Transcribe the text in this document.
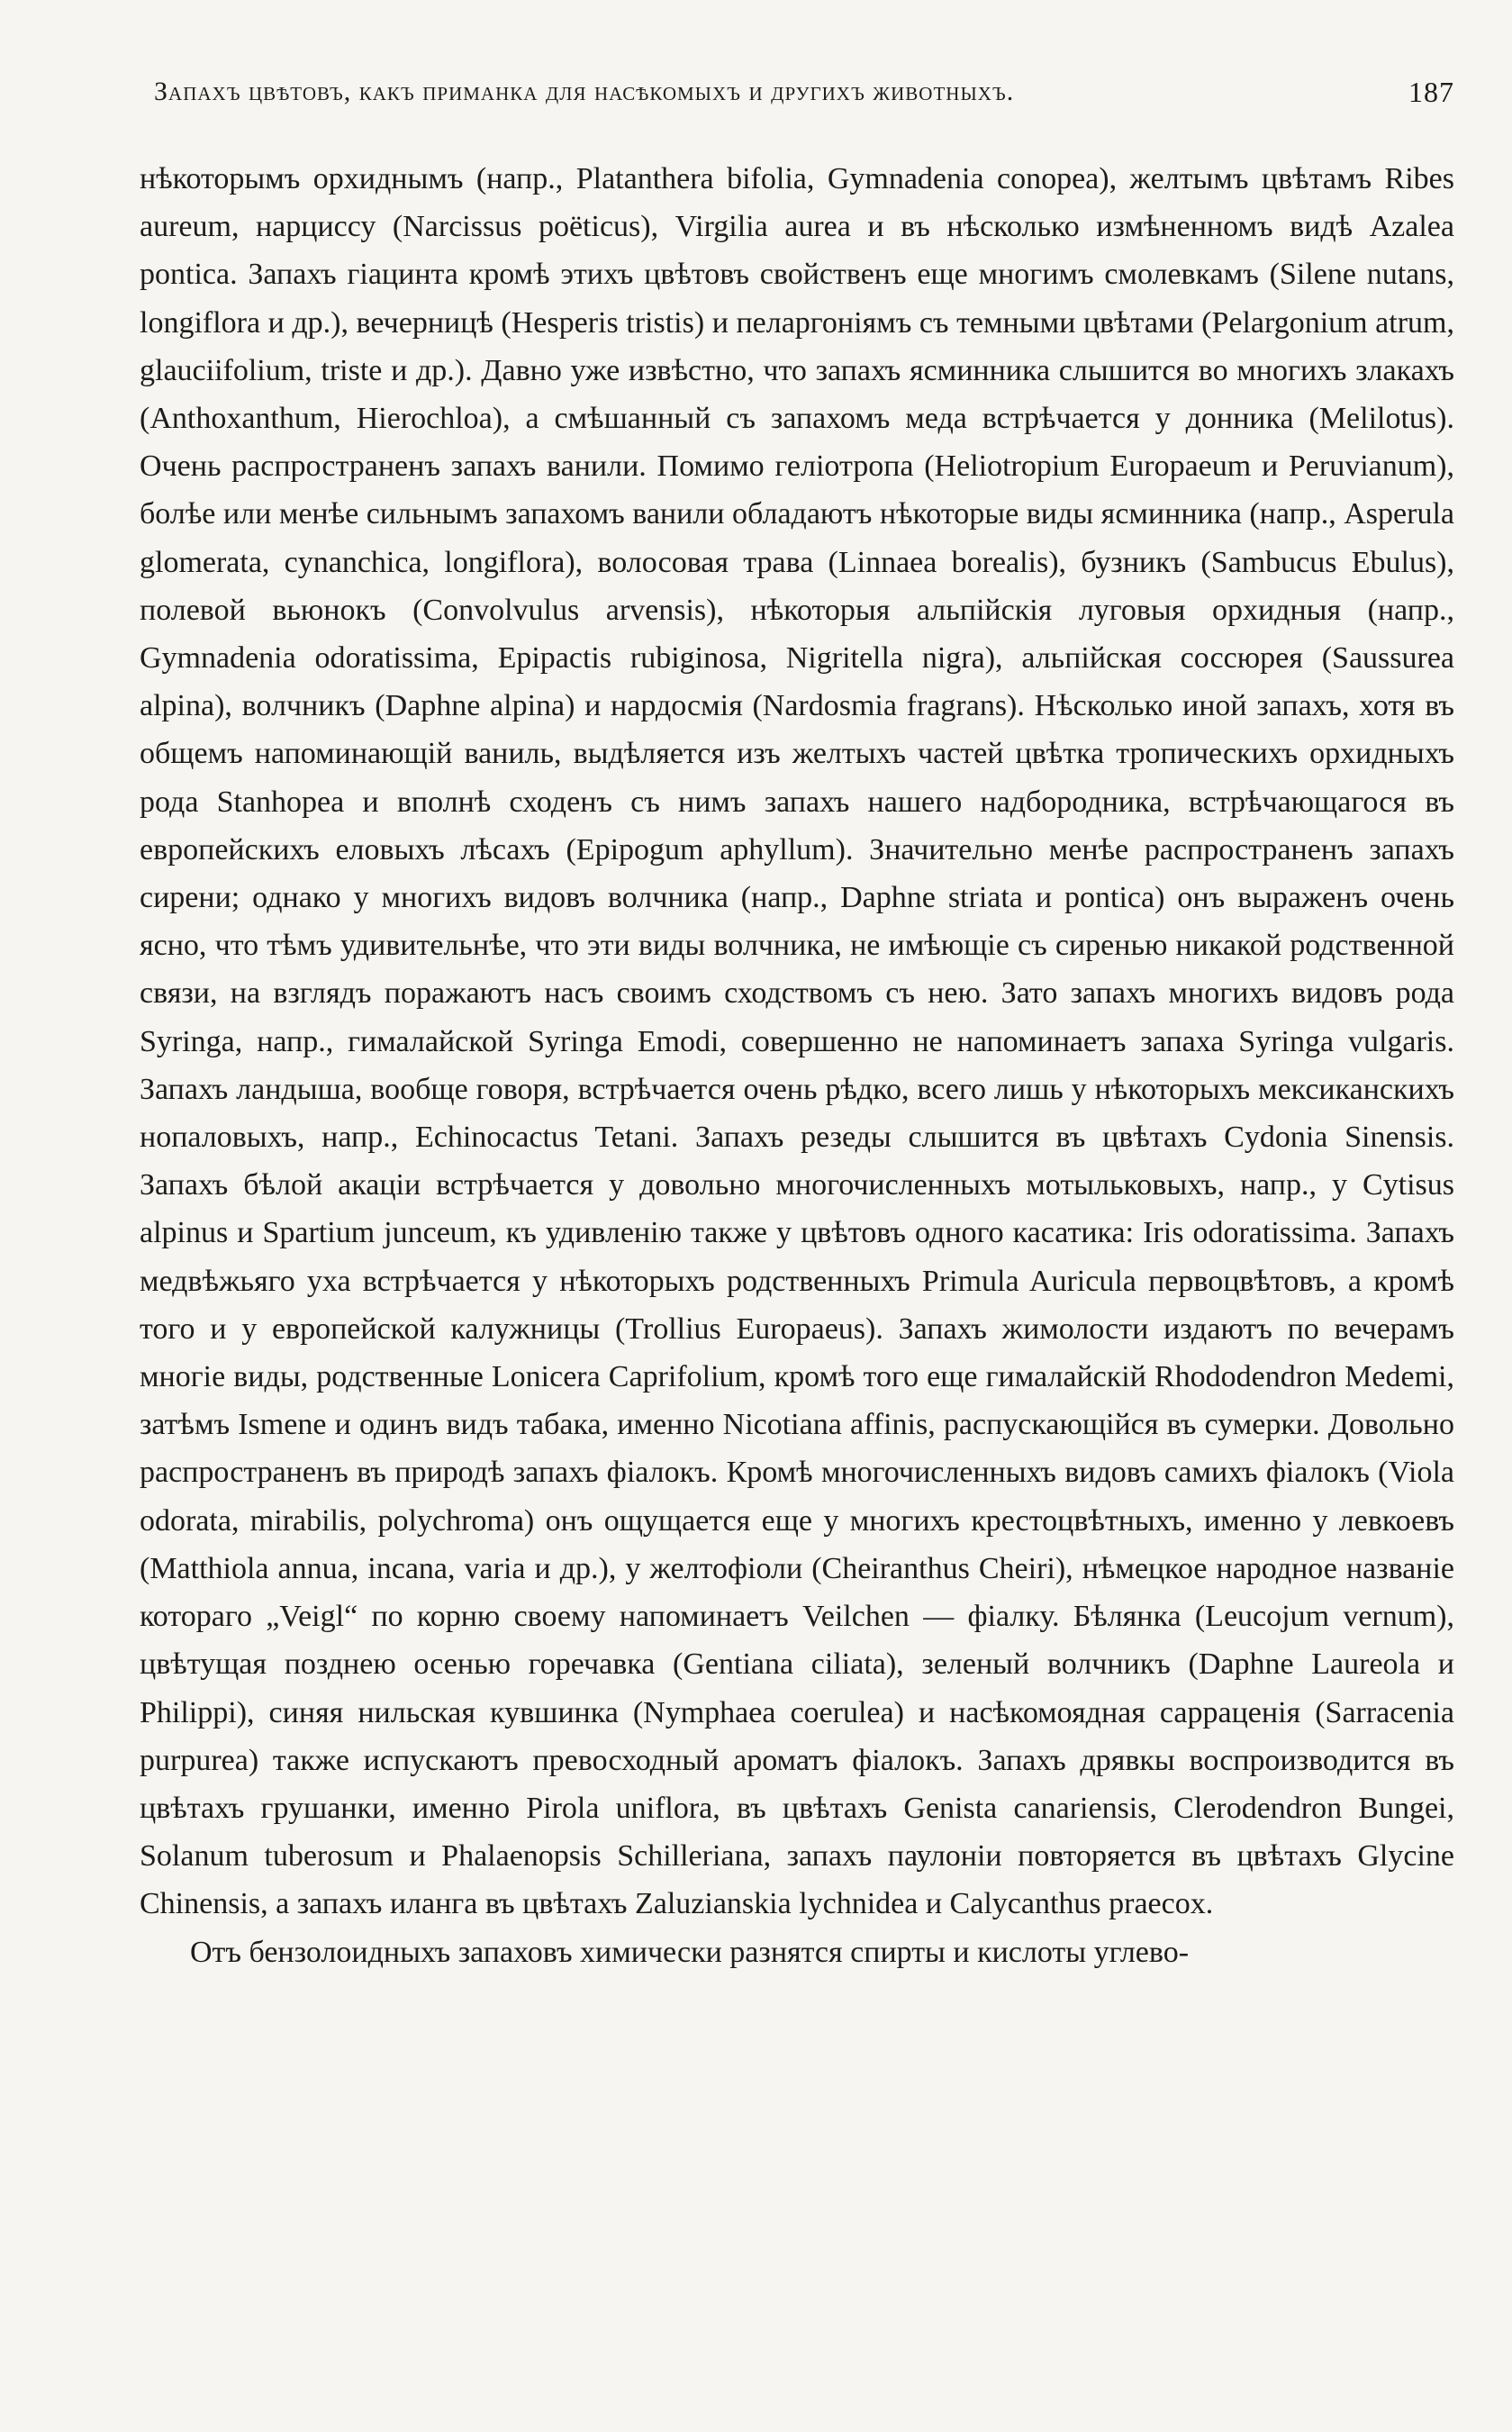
Запахъ цвѣтовъ, какъ приманка для насѣкомыхъ и другихъ животныхъ.	187

нѣкоторымъ орхиднымъ (напр., Platanthera bifolia, Gymnadenia conopea), желтымъ цвѣтамъ Ribes aureum, нарциссу (Narcissus poëticus), Virgilia aurea и въ нѣсколько измѣненномъ видѣ Azalea pontica. Запахъ гіацинта кромѣ этихъ цвѣтовъ свойственъ еще многимъ смолевкамъ (Silene nutans, longiflora и др.), вечерницѣ (Hesperis tristis) и пеларгоніямъ съ темными цвѣтами (Pelargonium atrum, glauciifolium, triste и др.). Давно уже извѣстно, что запахъ ясминника слышится во многихъ злакахъ (Anthoxanthum, Hierochloa), а смѣшанный съ запахомъ меда встрѣчается у донника (Melilotus). Очень распространенъ запахъ ванили. Помимо геліотропа (Heliotropium Europaeum и Peruvianum), болѣе или менѣе сильнымъ запахомъ ванили обладаютъ нѣкоторые виды ясминника (напр., Asperula glomerata, cynanchica, longiflora), волосовая трава (Linnaea borealis), бузникъ (Sambucus Ebulus), полевой вьюнокъ (Convolvulus arvensis), нѣкоторыя альпійскія луговыя орхидныя (напр., Gymnadenia odoratissima, Epipactis rubiginosa, Nigritella nigra), альпійская соссюрея (Saussurea alpina), волчникъ (Daphne alpina) и нардосмія (Nardosmia fragrans). Нѣсколько иной запахъ, хотя въ общемъ напоминающій ваниль, выдѣляется изъ желтыхъ частей цвѣтка тропическихъ орхидныхъ рода Stanhopea и вполнѣ сходенъ съ нимъ запахъ нашего надбородника, встрѣчающагося въ европейскихъ еловыхъ лѣсахъ (Epipogum aphyllum). Значительно менѣе распространенъ запахъ сирени; однако у многихъ видовъ волчника (напр., Daphne striata и pontica) онъ выраженъ очень ясно, что тѣмъ удивительнѣе, что эти виды волчника, не имѣющіе съ сиренью никакой родственной связи, на взглядъ поражаютъ насъ своимъ сходствомъ съ нею. Зато запахъ многихъ видовъ рода Syringa, напр., гималайской Syringa Emodi, совершенно не напоминаетъ запаха Syringa vulgaris. Запахъ ландыша, вообще говоря, встрѣчается очень рѣдко, всего лишь у нѣкоторыхъ мексиканскихъ нопаловыхъ, напр., Echinocactus Tetani. Запахъ резеды слышится въ цвѣтахъ Cydonia Sinensis. Запахъ бѣлой акаціи встрѣчается у довольно многочисленныхъ мотыльковыхъ, напр., у Cytisus alpinus и Spartium junceum, къ удивленію также у цвѣтовъ одного касатика: Iris odoratissima. Запахъ медвѣжьяго уха встрѣчается у нѣкоторыхъ родственныхъ Primula Auricula первоцвѣтовъ, а кромѣ того и у европейской калужницы (Trollius Europaeus). Запахъ жимолости издаютъ по вечерамъ многіе виды, родственные Lonicera Caprifolium, кромѣ того еще гималайскій Rhododendron Medemi, затѣмъ Ismene и одинъ видъ табака, именно Nicotiana affinis, распускающійся въ сумерки. Довольно распространенъ въ природѣ запахъ фіалокъ. Кромѣ многочисленныхъ видовъ самихъ фіалокъ (Viola odorata, mirabilis, polychroma) онъ ощущается еще у многихъ крестоцвѣтныхъ, именно у левкоевъ (Matthiola annua, incana, varia и др.), у желтофіоли (Cheiranthus Cheiri), нѣмецкое народное названіе котораго „Veigl“ по корню своему напоминаетъ Veilchen — фіалку. Бѣлянка (Leucojum vernum), цвѣтущая позднею осенью горечавка (Gentiana ciliata), зеленый волчникъ (Daphne Laureola и Philippi), синяя нильская кувшинка (Nymphaea coerulea) и насѣкомоядная сарраценія (Sarracenia purpurea) также испускаютъ превосходный ароматъ фіалокъ. Запахъ дрявкы воспроизводится въ цвѣтахъ грушанки, именно Pirola uniflora, въ цвѣтахъ Genista canariensis, Clerodendron Bungei, Solanum tuberosum и Phalaenopsis Schilleriana, запахъ паулоніи повторяется въ цвѣтахъ Glycine Chinensis, а запахъ иланга въ цвѣтахъ Zaluzianskia lychnidea и Calycanthus praecox.

Отъ бензолоидныхъ запаховъ химически разнятся спирты и кислоты углево-
